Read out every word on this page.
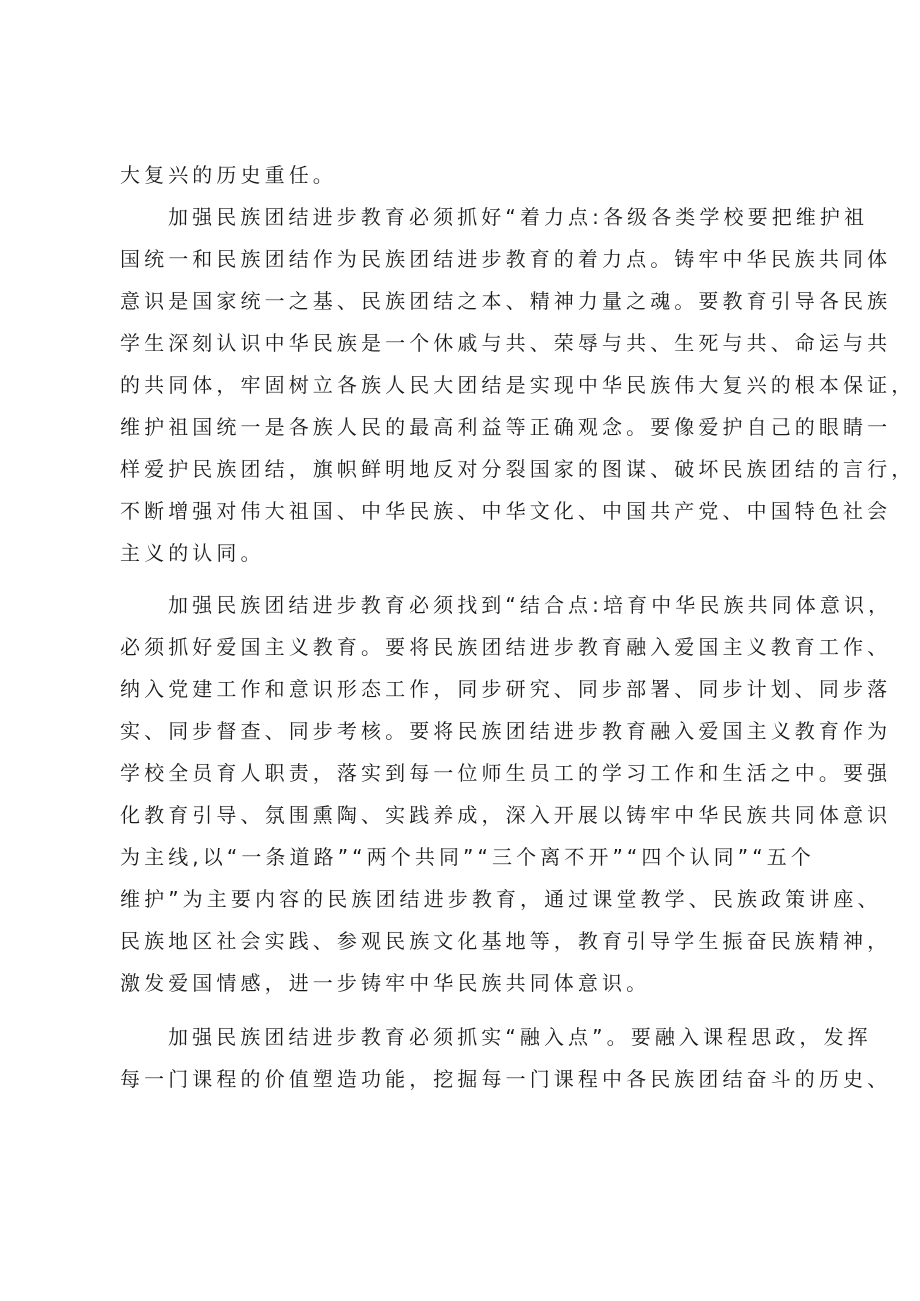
大复兴的历史重任。
加强民族团结进步教育必须抓好“着力点:各级各类学校要把维护祖
国统一和民族团结作为民族团结进步教育的着力点。铸牢中华民族共同体
意识是国家统一之基、民族团结之本、精神力量之魂。要教育引导各民族
学生深刻认识中华民族是一个休戚与共、荣辱与共、生死与共、命运与共
的共同体，牢固树立各族人民大团结是实现中华民族伟大复兴的根本保证，
维护祖国统一是各族人民的最高利益等正确观念。要像爱护自己的眼睛一
样爱护民族团结，旗帜鲜明地反对分裂国家的图谋、破坏民族团结的言行，
不断增强对伟大祖国、中华民族、中华文化、中国共产党、中国特色社会
主义的认同。
加强民族团结进步教育必须找到“结合点:培育中华民族共同体意识，
必须抓好爱国主义教育。要将民族团结进步教育融入爱国主义教育工作、
纳入党建工作和意识形态工作，同步研究、同步部署、同步计划、同步落
实、同步督查、同步考核。要将民族团结进步教育融入爱国主义教育作为
学校全员育人职责，落实到每一位师生员工的学习工作和生活之中。要强
化教育引导、氛围熏陶、实践养成，深入开展以铸牢中华民族共同体意识
为主线,以“一条道路”“两个共同”“三个离不开”“四个认同”“五个
维护”为主要内容的民族团结进步教育，通过课堂教学、民族政策讲座、
民族地区社会实践、参观民族文化基地等，教育引导学生振奋民族精神，
激发爱国情感，进一步铸牢中华民族共同体意识。
加强民族团结进步教育必须抓实“融入点”。要融入课程思政，发挥
每一门课程的价值塑造功能，挖掘每一门课程中各民族团结奋斗的历史、
